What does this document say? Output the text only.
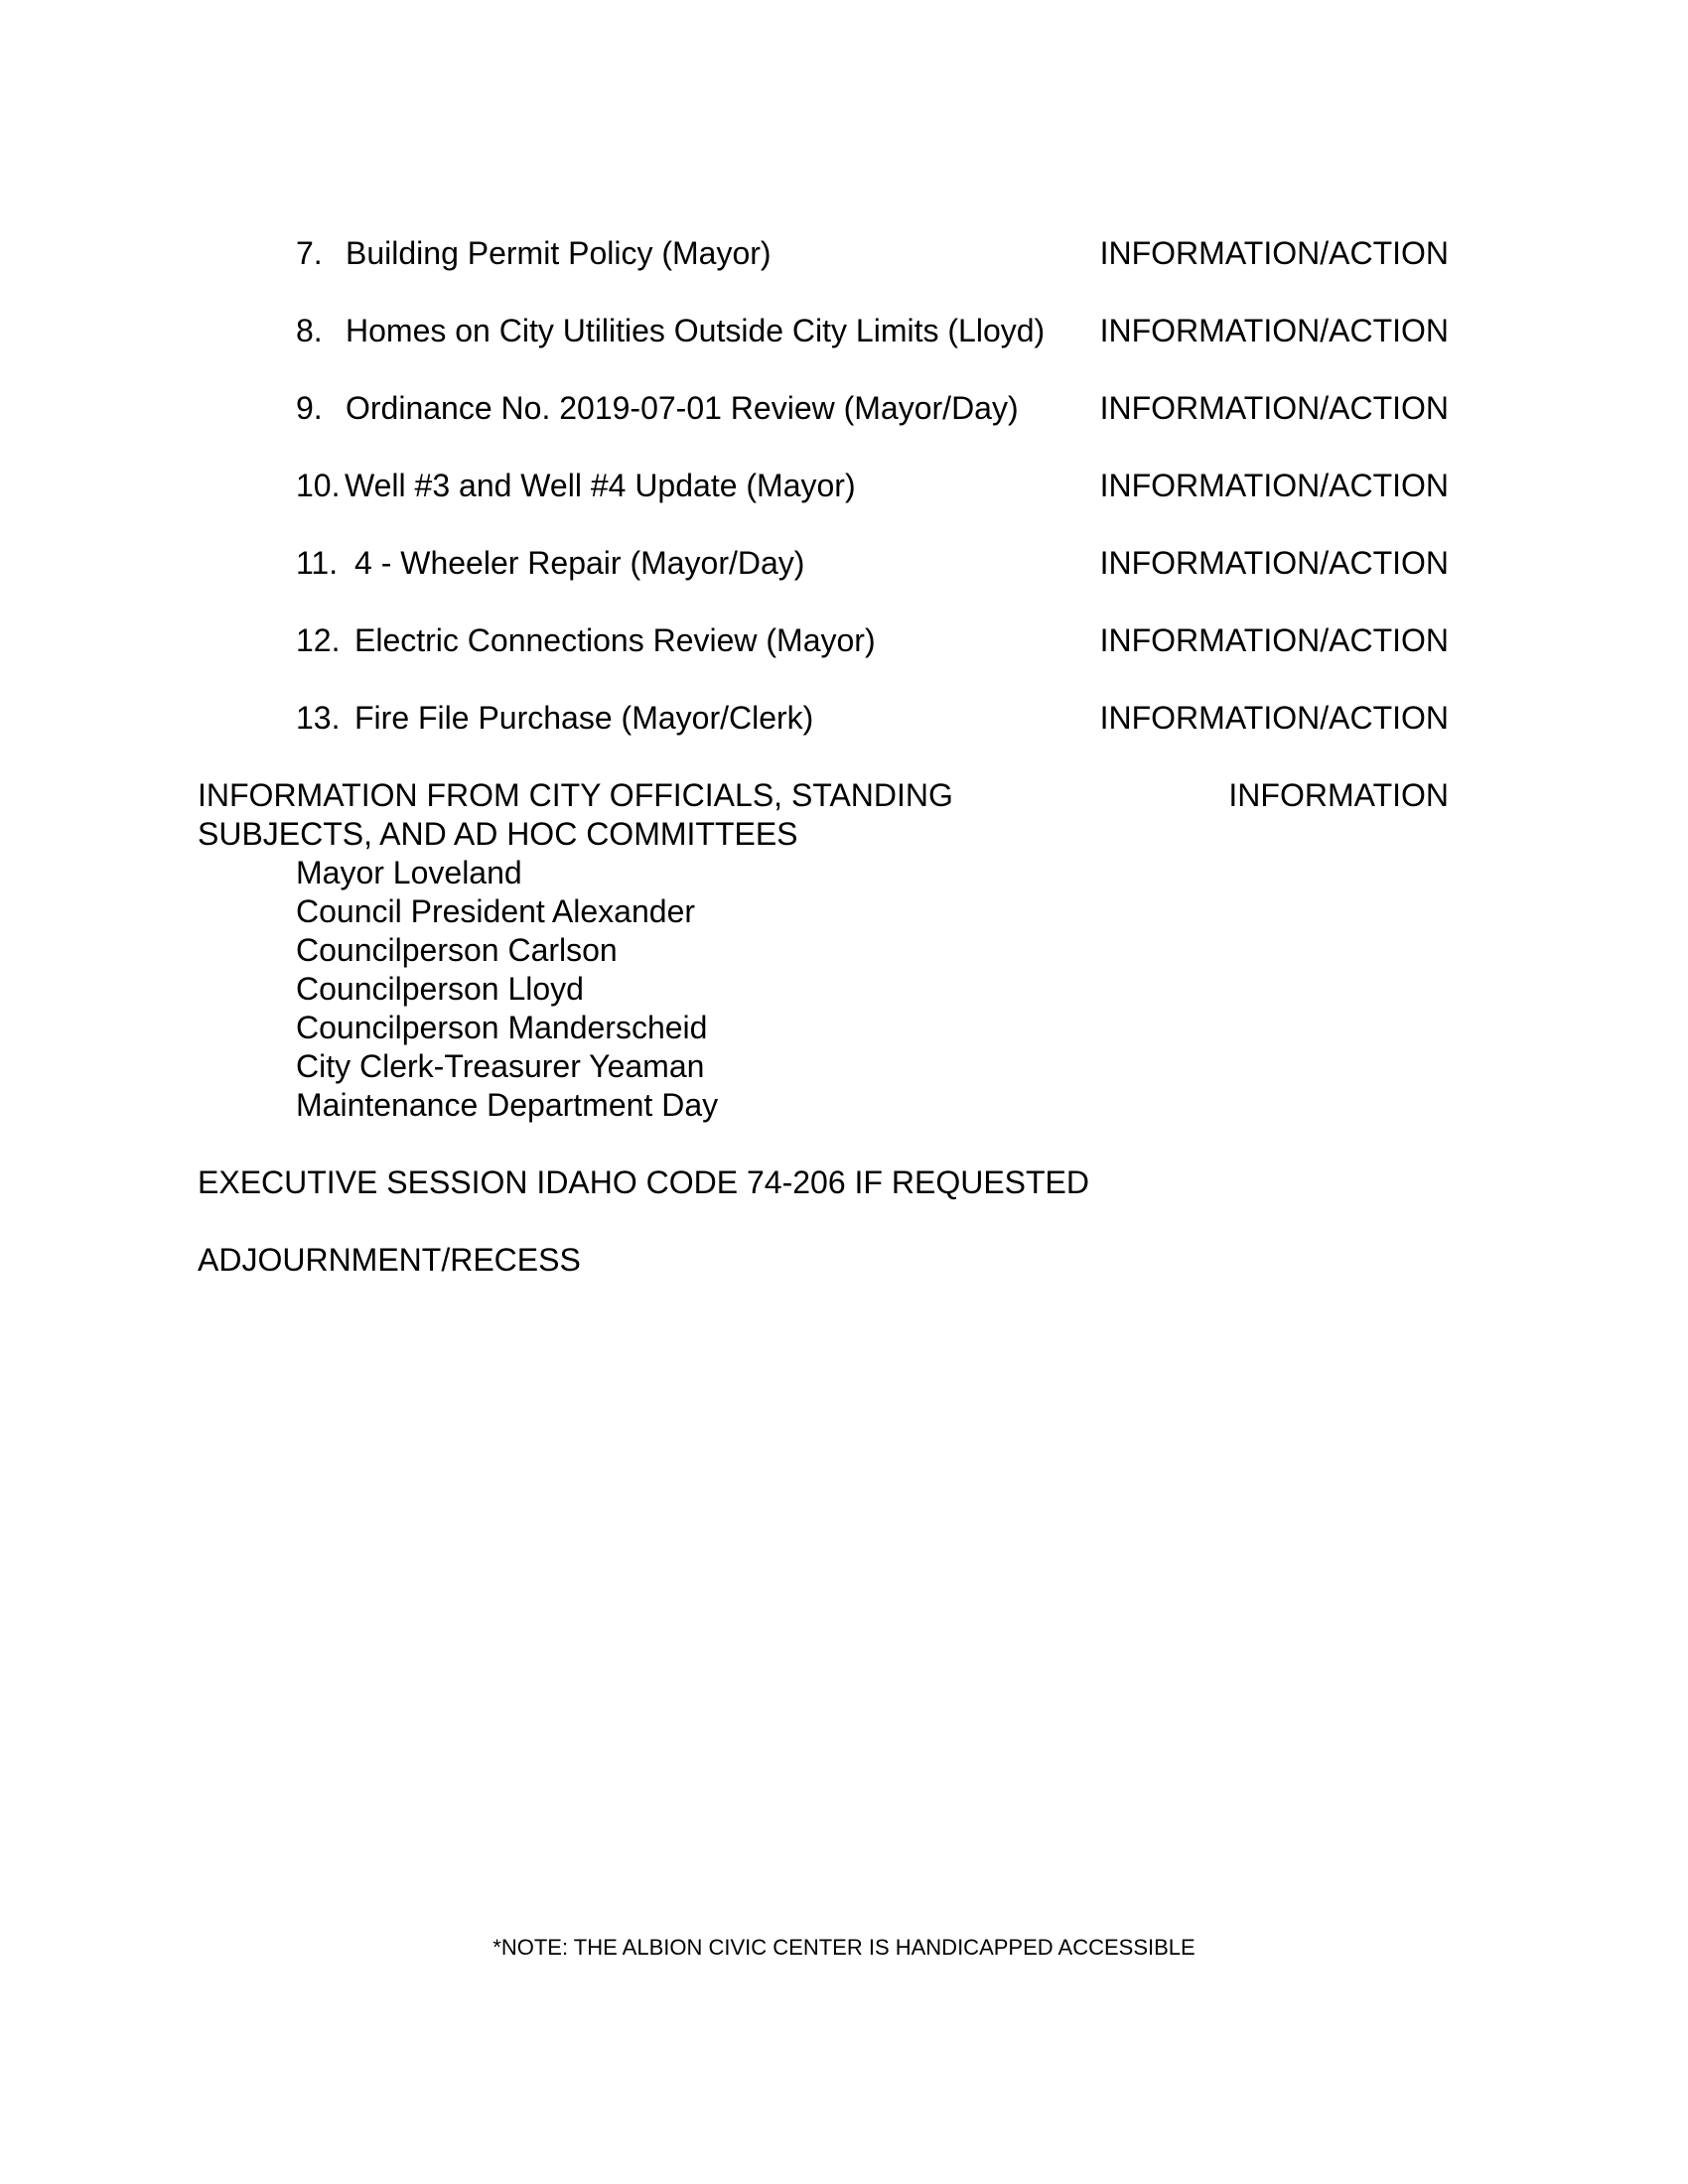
7. Building Permit Policy (Mayor)	INFORMATION/ACTION
8. Homes on City Utilities Outside City Limits (Lloyd) INFORMATION/ACTION
9. Ordinance No. 2019-07-01 Review (Mayor/Day)	INFORMATION/ACTION
10. Well #3 and Well #4 Update (Mayor)	INFORMATION/ACTION
11. 4 - Wheeler Repair (Mayor/Day)	INFORMATION/ACTION
12. Electric Connections Review (Mayor)	INFORMATION/ACTION
13. Fire File Purchase (Mayor/Clerk)	INFORMATION/ACTION
INFORMATION FROM CITY OFFICIALS, STANDING	INFORMATION
SUBJECTS, AND AD HOC COMMITTEES
Mayor Loveland
Council President Alexander
Councilperson Carlson
Councilperson Lloyd
Councilperson Manderscheid
City Clerk-Treasurer Yeaman
Maintenance Department Day
EXECUTIVE SESSION IDAHO CODE 74-206 IF REQUESTED
ADJOURNMENT/RECESS
*NOTE: THE ALBION CIVIC CENTER IS HANDICAPPED ACCESSIBLE
